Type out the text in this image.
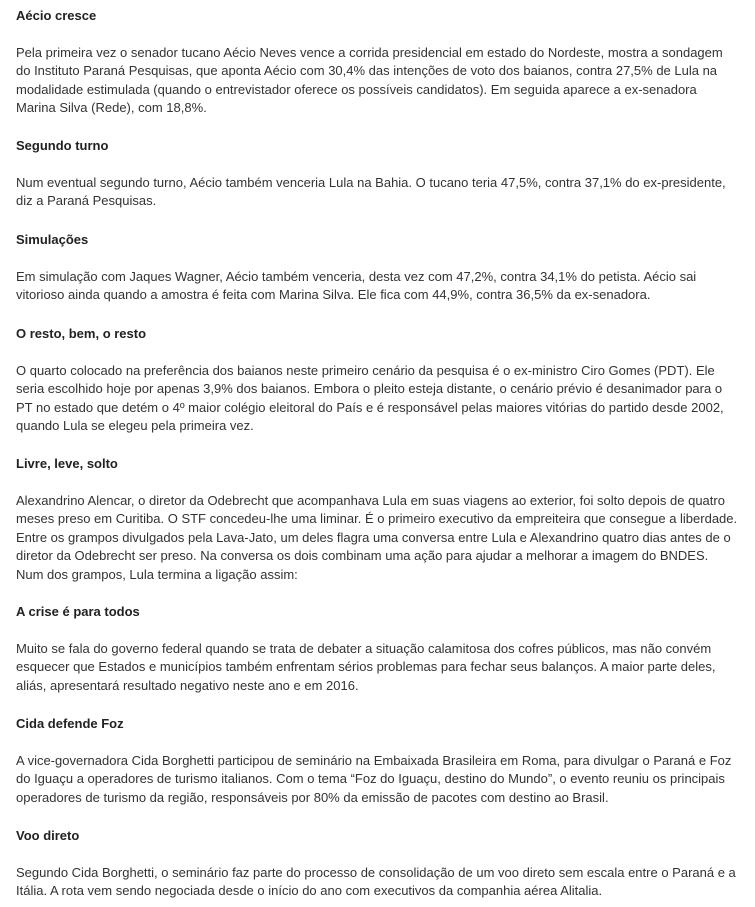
Aécio cresce

Pela primeira vez o senador tucano Aécio Neves vence a corrida presidencial em estado do Nordeste, mostra a sondagem do Instituto Paraná Pesquisas, que aponta Aécio com 30,4% das intenções de voto dos baianos, contra 27,5% de Lula na modalidade estimulada (quando o entrevistador oferece os possíveis candidatos). Em seguida aparece a ex-senadora Marina Silva (Rede), com 18,8%.

Segundo turno

Num eventual segundo turno, Aécio também venceria Lula na Bahia. O tucano teria 47,5%, contra 37,1% do ex-presidente, diz a Paraná Pesquisas.

Simulações

Em simulação com Jaques Wagner, Aécio também venceria, desta vez com 47,2%, contra 34,1% do petista. Aécio sai vitorioso ainda quando a amostra é feita com Marina Silva. Ele fica com 44,9%, contra 36,5% da ex-senadora.

O resto, bem, o resto

O quarto colocado na preferência dos baianos neste primeiro cenário da pesquisa é o ex-ministro Ciro Gomes (PDT). Ele seria escolhido hoje por apenas 3,9% dos baianos. Embora o pleito esteja distante, o cenário prévio é desanimador para o PT no estado que detém o 4º maior colégio eleitoral do País e é responsável pelas maiores vitórias do partido desde 2002, quando Lula se elegeu pela primeira vez.

Livre, leve, solto

Alexandrino Alencar, o diretor da Odebrecht que acompanhava Lula em suas viagens ao exterior, foi solto depois de quatro meses preso em Curitiba. O STF concedeu-lhe uma liminar. É o primeiro executivo da empreiteira que consegue a liberdade. Entre os grampos divulgados pela Lava-Jato, um deles flagra uma conversa entre Lula e Alexandrino quatro dias antes de o diretor da Odebrecht ser preso. Na conversa os dois combinam uma ação para ajudar a melhorar a imagem do BNDES. Num dos grampos, Lula termina a ligação assim:

A crise é para todos

Muito se fala do governo federal quando se trata de debater a situação calamitosa dos cofres públicos, mas não convém esquecer que Estados e municípios também enfrentam sérios problemas para fechar seus balanços. A maior parte deles, aliás, apresentará resultado negativo neste ano e em 2016.

Cida defende Foz

A vice-governadora Cida Borghetti participou de seminário na Embaixada Brasileira em Roma, para divulgar o Paraná e Foz do Iguaçu a operadores de turismo italianos. Com o tema “Foz do Iguaçu, destino do Mundo”, o evento reuniu os principais operadores de turismo da região, responsáveis por 80% da emissão de pacotes com destino ao Brasil.

Voo direto

Segundo Cida Borghetti, o seminário faz parte do processo de consolidação de um voo direto sem escala entre o Paraná e a Itália. A rota vem sendo negociada desde o início do ano com executivos da companhia aérea Alitalia.
